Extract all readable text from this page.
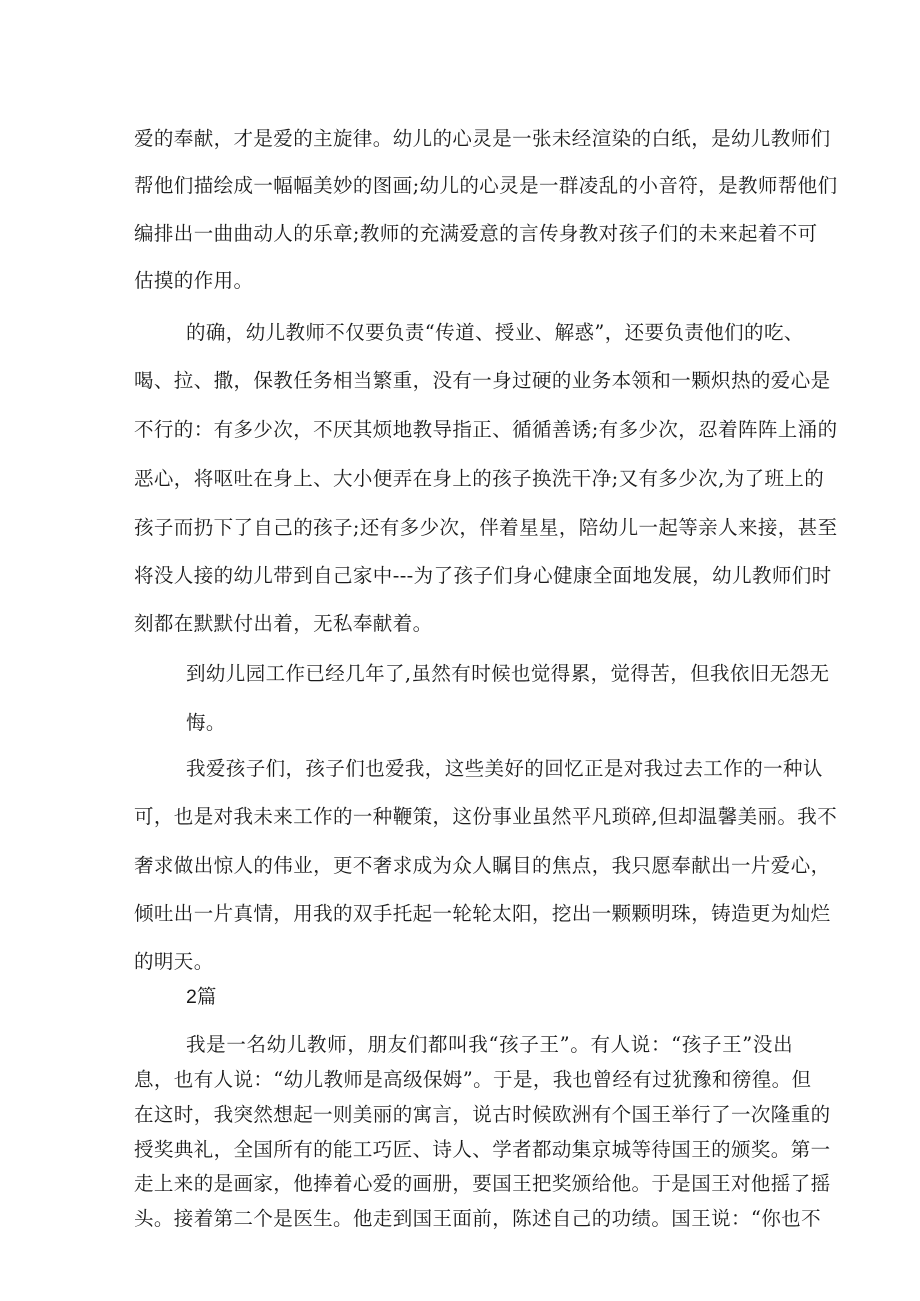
爱的奉献，才是爱的主旋律。幼儿的心灵是一张未经渲染的白纸，是幼儿教师们
帮他们描绘成一幅幅美妙的图画;幼儿的心灵是一群凌乱的小音符，是教师帮他们
编排出一曲曲动人的乐章;教师的充满爱意的言传身教对孩子们的未来起着不可
估摸的作用。
的确，幼儿教师不仅要负责“传道、授业、解惑”，还要负责他们的吃、
喝、拉、撒，保教任务相当繁重，没有一身过硬的业务本领和一颗炽热的爱心是
不行的：有多少次，不厌其烦地教导指正、循循善诱;有多少次，忍着阵阵上涌的
恶心，将呕吐在身上、大小便弄在身上的孩子换洗干净;又有多少次,为了班上的
孩子而扔下了自己的孩子;还有多少次，伴着星星，陪幼儿一起等亲人来接，甚至
将没人接的幼儿带到自己家中---为了孩子们身心健康全面地发展，幼儿教师们时
刻都在默默付出着，无私奉献着。
到幼儿园工作已经几年了,虽然有时候也觉得累，觉得苦，但我依旧无怨无
悔。
我爱孩子们，孩子们也爱我，这些美好的回忆正是对我过去工作的一种认
可，也是对我未来工作的一种鞭策，这份事业虽然平凡琐碎,但却温馨美丽。我不
奢求做出惊人的伟业，更不奢求成为众人瞩目的焦点，我只愿奉献出一片爱心，
倾吐出一片真情，用我的双手托起一轮轮太阳，挖出一颗颗明珠，铸造更为灿烂
的明天。
2篇
我是一名幼儿教师，朋友们都叫我“孩子王”。有人说：“孩子王”没出
息，也有人说：“幼儿教师是高级保姆”。于是，我也曾经有过犹豫和徬徨。但
在这时，我突然想起一则美丽的寓言，说古时候欧洲有个国王举行了一次隆重的
授奖典礼，全国所有的能工巧匠、诗人、学者都动集京城等待国王的颁奖。第一
走上来的是画家，他捧着心爱的画册，要国王把奖颁给他。于是国王对他摇了摇
头。接着第二个是医生。他走到国王面前，陈述自己的功绩。国王说：“你也不
